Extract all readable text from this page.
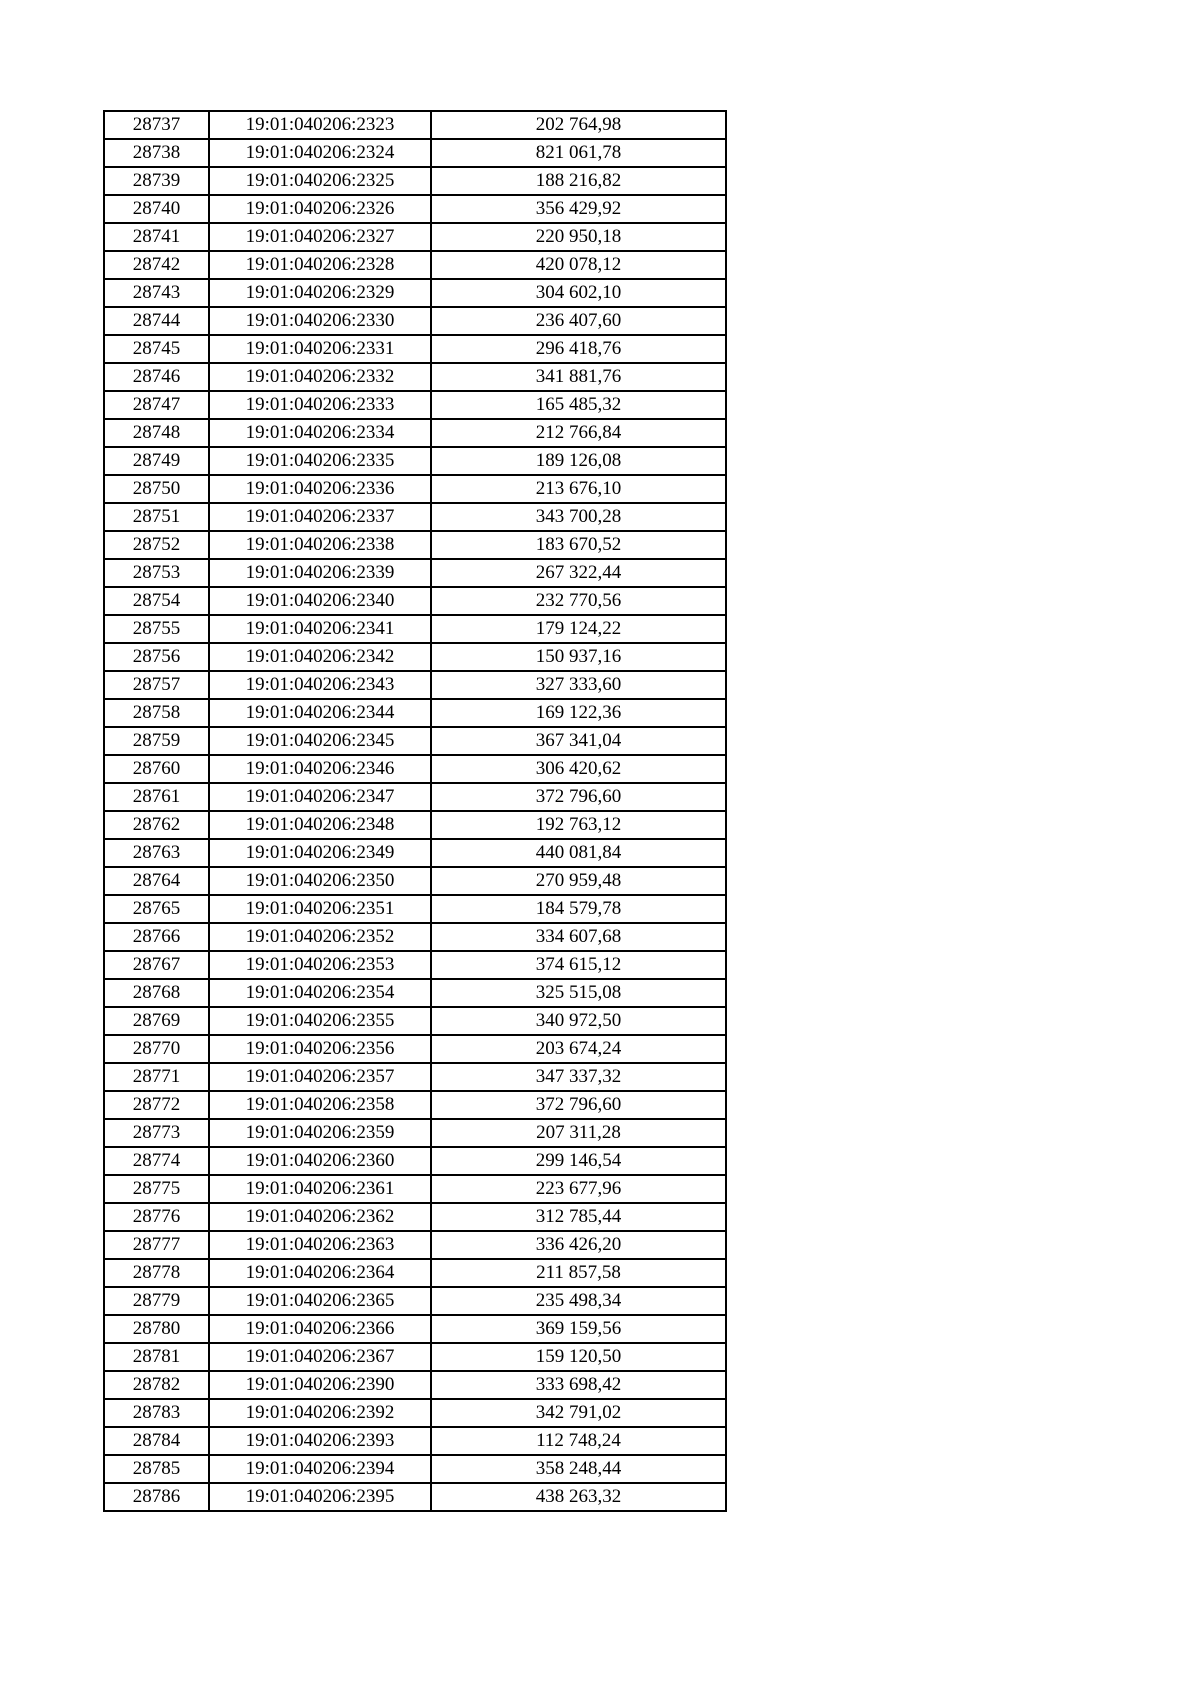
28737	19:01:040206:2323	202 764,98
28738	19:01:040206:2324	821 061,78
28739	19:01:040206:2325	188 216,82
28740	19:01:040206:2326	356 429,92
28741	19:01:040206:2327	220 950,18
28742	19:01:040206:2328	420 078,12
28743	19:01:040206:2329	304 602,10
28744	19:01:040206:2330	236 407,60
28745	19:01:040206:2331	296 418,76
28746	19:01:040206:2332	341 881,76
28747	19:01:040206:2333	165 485,32
28748	19:01:040206:2334	212 766,84
28749	19:01:040206:2335	189 126,08
28750	19:01:040206:2336	213 676,10
28751	19:01:040206:2337	343 700,28
28752	19:01:040206:2338	183 670,52
28753	19:01:040206:2339	267 322,44
28754	19:01:040206:2340	232 770,56
28755	19:01:040206:2341	179 124,22
28756	19:01:040206:2342	150 937,16
28757	19:01:040206:2343	327 333,60
28758	19:01:040206:2344	169 122,36
28759	19:01:040206:2345	367 341,04
28760	19:01:040206:2346	306 420,62
28761	19:01:040206:2347	372 796,60
28762	19:01:040206:2348	192 763,12
28763	19:01:040206:2349	440 081,84
28764	19:01:040206:2350	270 959,48
28765	19:01:040206:2351	184 579,78
28766	19:01:040206:2352	334 607,68
28767	19:01:040206:2353	374 615,12
28768	19:01:040206:2354	325 515,08
28769	19:01:040206:2355	340 972,50
28770	19:01:040206:2356	203 674,24
28771	19:01:040206:2357	347 337,32
28772	19:01:040206:2358	372 796,60
28773	19:01:040206:2359	207 311,28
28774	19:01:040206:2360	299 146,54
28775	19:01:040206:2361	223 677,96
28776	19:01:040206:2362	312 785,44
28777	19:01:040206:2363	336 426,20
28778	19:01:040206:2364	211 857,58
28779	19:01:040206:2365	235 498,34
28780	19:01:040206:2366	369 159,56
28781	19:01:040206:2367	159 120,50
28782	19:01:040206:2390	333 698,42
28783	19:01:040206:2392	342 791,02
28784	19:01:040206:2393	112 748,24
28785	19:01:040206:2394	358 248,44
28786	19:01:040206:2395	438 263,32
